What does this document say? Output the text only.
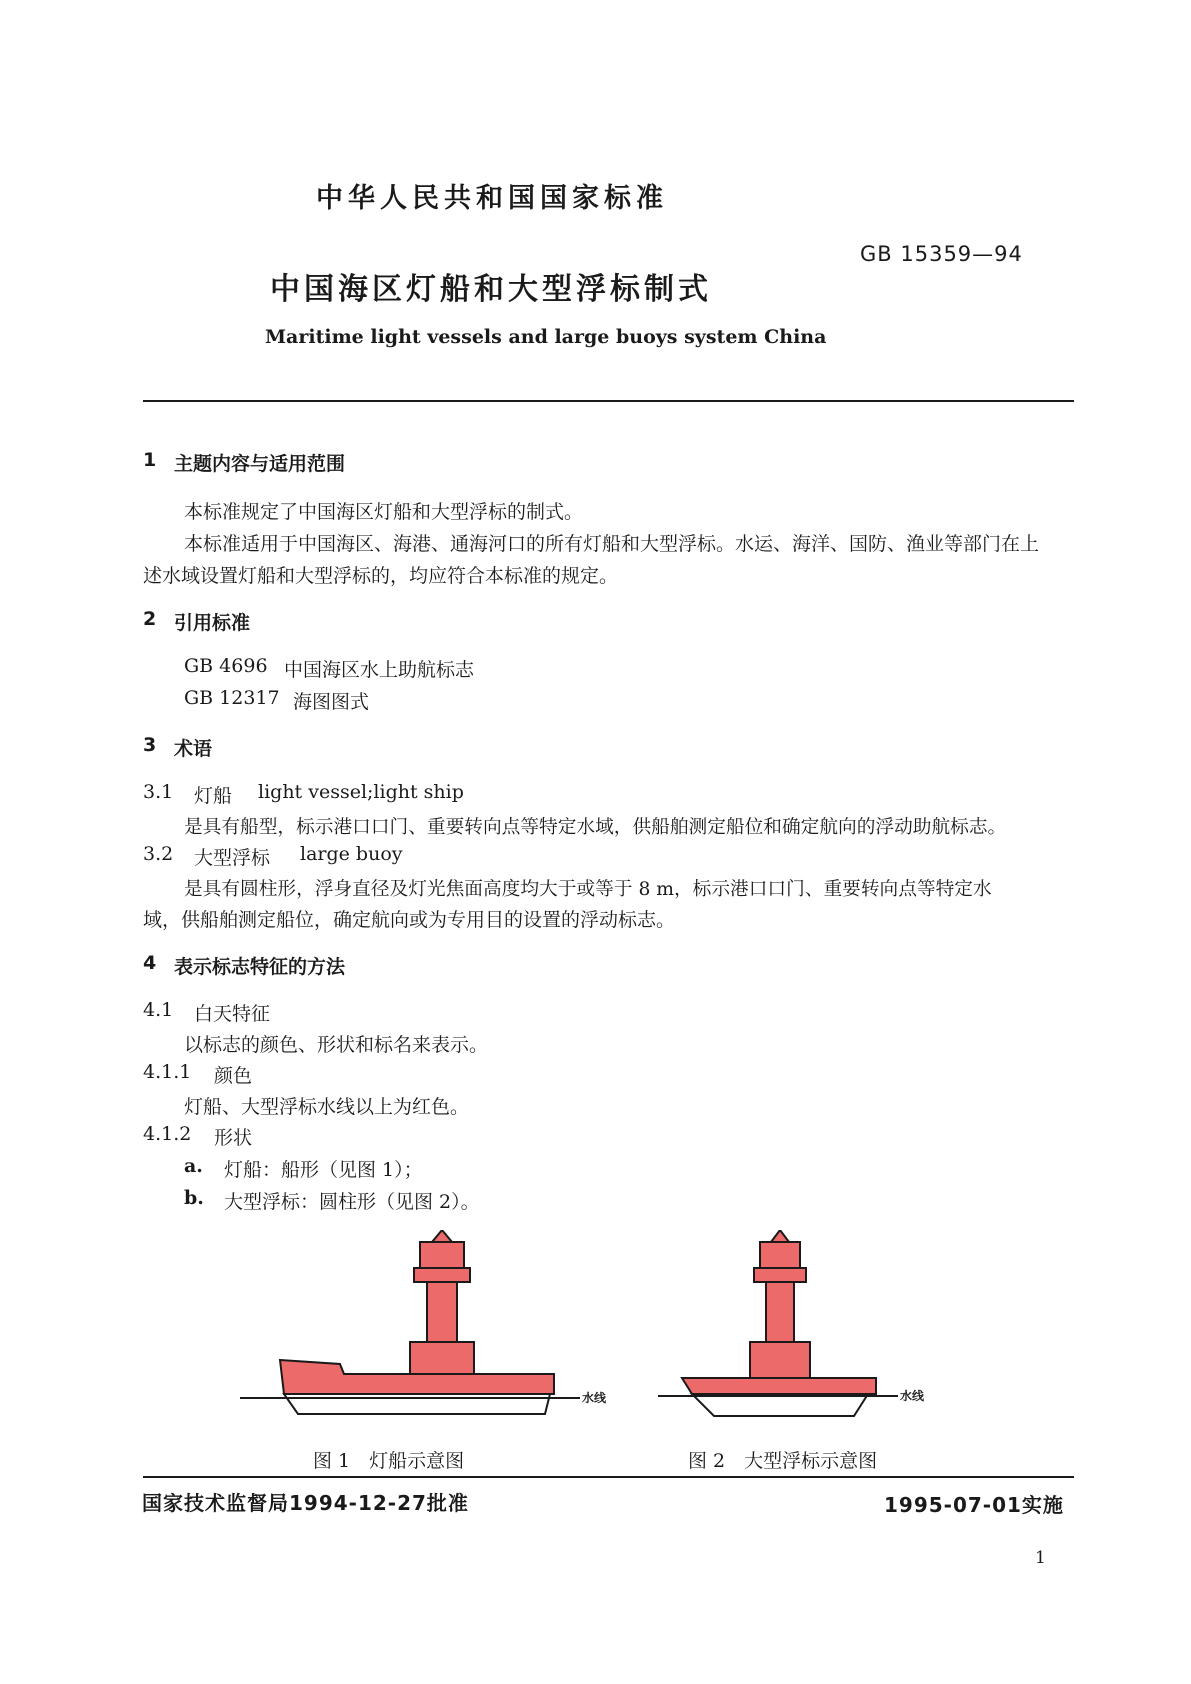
中华人民共和国国家标准
GB 15359—94
中国海区灯船和大型浮标制式
Maritime light vessels and large buoys system China
1 主题内容与适用范围
本标准规定了中国海区灯船和大型浮标的制式。
本标准适用于中国海区、海港、通海河口的所有灯船和大型浮标。水运、海洋、国防、渔业等部门在上
述水域设置灯船和大型浮标的，均应符合本标准的规定。
2 引用标准
GB 4696 中国海区水上助航标志
GB 12317 海图图式
3 术语
3.1 灯船 light vessel;light ship
是具有船型，标示港口口门、重要转向点等特定水域，供船舶测定船位和确定航向的浮动助航标志。
3.2 大型浮标 large buoy
是具有圆柱形，浮身直径及灯光焦面高度均大于或等于 8 m，标示港口口门、重要转向点等特定水
域，供船舶测定船位，确定航向或为专用目的设置的浮动标志。
4 表示标志特征的方法
4.1 白天特征
以标志的颜色、形状和标名来表示。
4.1.1 颜色
灯船、大型浮标水线以上为红色。
4.1.2 形状
a. 灯船：船形（见图 1）；
b. 大型浮标：圆柱形（见图 2）。
水线	水线
图 1　灯船示意图	图 2　大型浮标示意图
国家技术监督局1994-12-27批准	1995-07-01实施
1
